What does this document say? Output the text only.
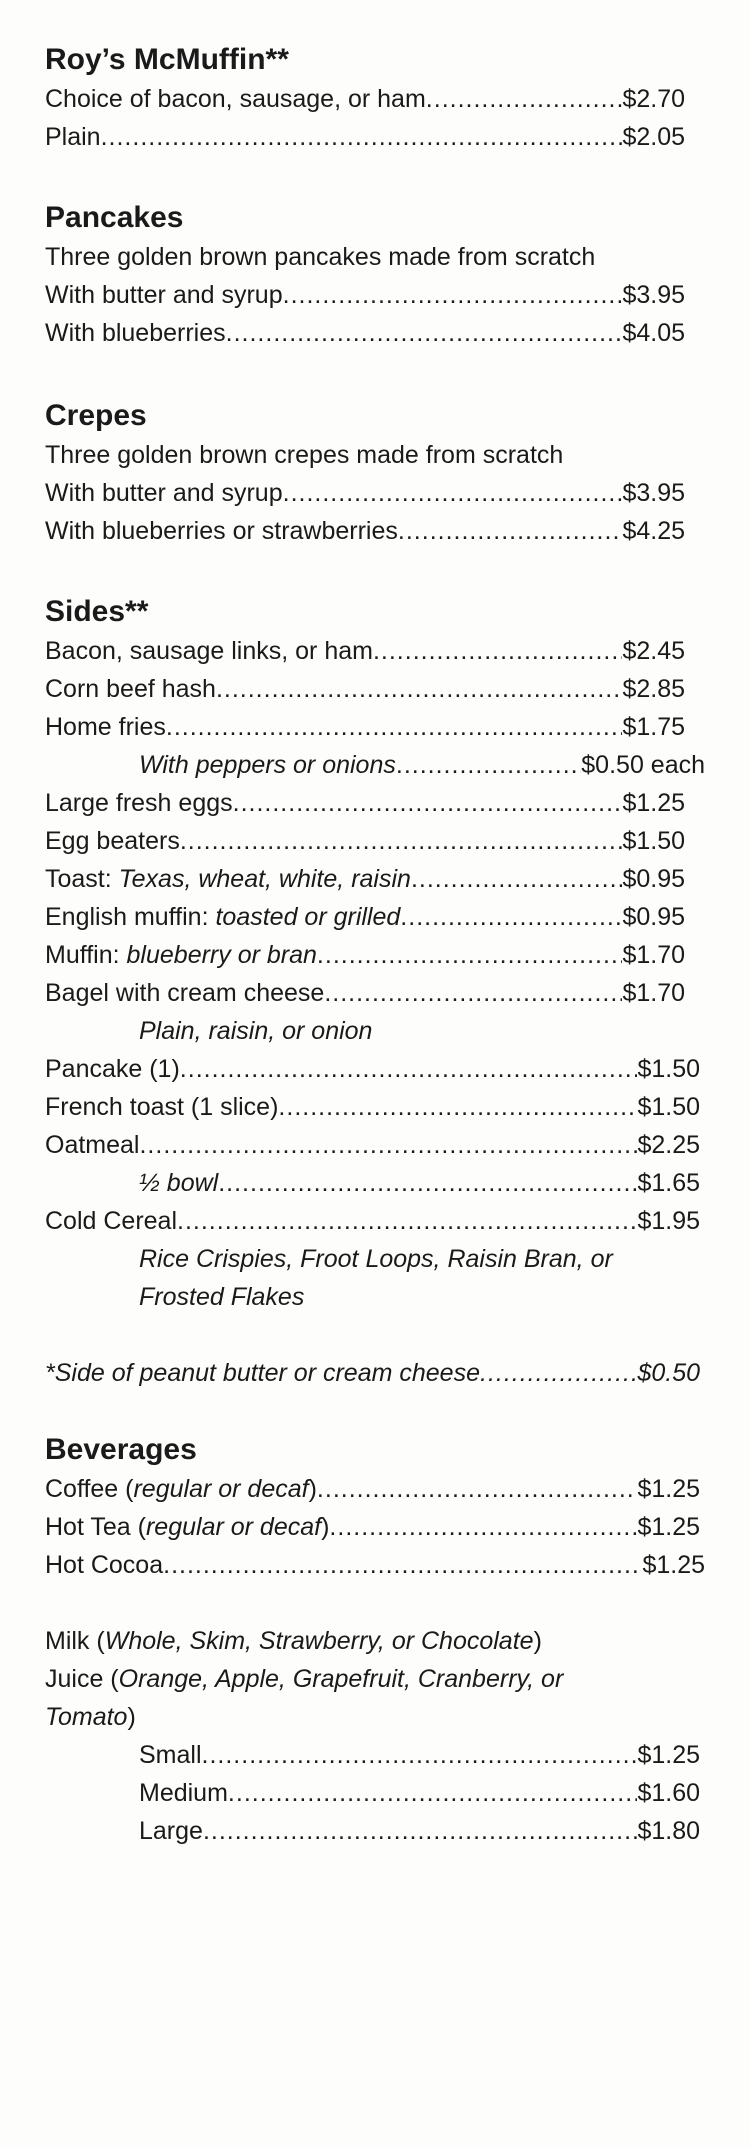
Roy’s McMuffin**
Choice of bacon, sausage, or ham .....	$2.70
Plain .....	$2.05
Pancakes
Three golden brown pancakes made from scratch
With butter and syrup .....	$3.95
With blueberries .....	$4.05
Crepes
Three golden brown crepes made from scratch
With butter and syrup .....	$3.95
With blueberries or strawberries .....	$4.25
Sides**
Bacon, sausage links, or ham .....	$2.45
Corn beef hash .....	$2.85
Home fries .....	$1.75
With peppers or onions .....	$0.50 each
Large fresh eggs .....	$1.25
Egg beaters .....	$1.50
Toast: Texas, wheat, white, raisin .....	$0.95
English muffin: toasted or grilled .....	$0.95
Muffin: blueberry or bran .....	$1.70
Bagel with cream cheese .....	$1.70
Plain, raisin, or onion
Pancake (1) .....	$1.50
French toast (1 slice) .....	$1.50
Oatmeal .....	$2.25
½ bowl .....	$1.65
Cold Cereal .....	$1.95
Rice Crispies, Froot Loops, Raisin Bran, or
Frosted Flakes
*Side of peanut butter or cream cheese .....	$0.50
Beverages
Coffee (regular or decaf) .....	$1.25
Hot Tea (regular or decaf) .....	$1.25
Hot Cocoa .....	$1.25
Milk (Whole, Skim, Strawberry, or Chocolate)
Juice (Orange, Apple, Grapefruit, Cranberry, or
Tomato)
Small .....	$1.25
Medium .....	$1.60
Large .....	$1.80
